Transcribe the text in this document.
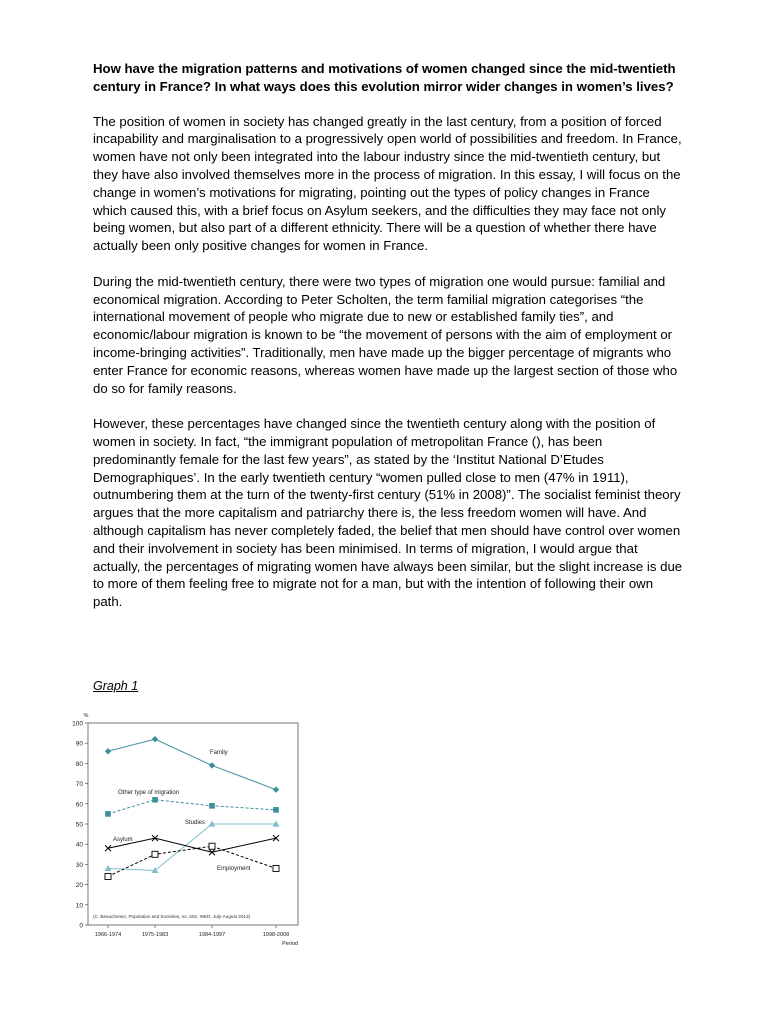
How have the migration patterns and motivations of women changed since the mid-twentieth century in France? In what ways does this evolution mirror wider changes in women’s lives?

The position of women in society has changed greatly in the last century, from a position of forced incapability and marginalisation to a progressively open world of possibilities and freedom. In France, women have not only been integrated into the labour industry since the mid-twentieth century, but they have also involved themselves more in the process of migration. In this essay, I will focus on the change in women’s motivations for migrating, pointing out the types of policy changes in France which caused this, with a brief focus on Asylum seekers, and the difficulties they may face not only being women, but also part of a different ethnicity. There will be a question of whether there have actually been only positive changes for women in France.

During the mid-twentieth century, there were two types of migration one would pursue: familial and economical migration. According to Peter Scholten, the term familial migration categorises “the international movement of people who migrate due to new or established family ties”, and economic/labour migration is known to be “the movement of persons with the aim of employment or income-bringing activities”. Traditionally, men have made up the bigger percentage of migrants who enter France for economic reasons, whereas women have made up the largest section of those who do so for family reasons.

However, these percentages have changed since the twentieth century along with the position of women in society. In fact, “the immigrant population of metropolitan France (), has been predominantly female for the last few years”, as stated by the ‘Institut National D’Etudes Demographiques’. In the early twentieth century “women pulled close to men (47% in 1911), outnumbering them at the turn of the twenty-first century (51% in 2008)”. The socialist feminist theory argues that the more capitalism and patriarchy there is, the less freedom women will have. And although capitalism has never completely faded, the belief that men should have control over women and their involvement in society has been minimised. In terms of migration, I would argue that actually, the percentages of migrating women have always been similar, but the slight increase is due to more of them feeling free to migrate not for a man, but with the intention of following their own path.

Graph 1
0
10
20
30
40
50
60
70
80
90
100
%
1966-1974	1975-1983	1984-1997	1998-2008
Period
Family
Other type of migration
Studies
Asylum
Employment
(C. Beauchemin, Population and Societies, no. 502, INED, July-August 2013)
